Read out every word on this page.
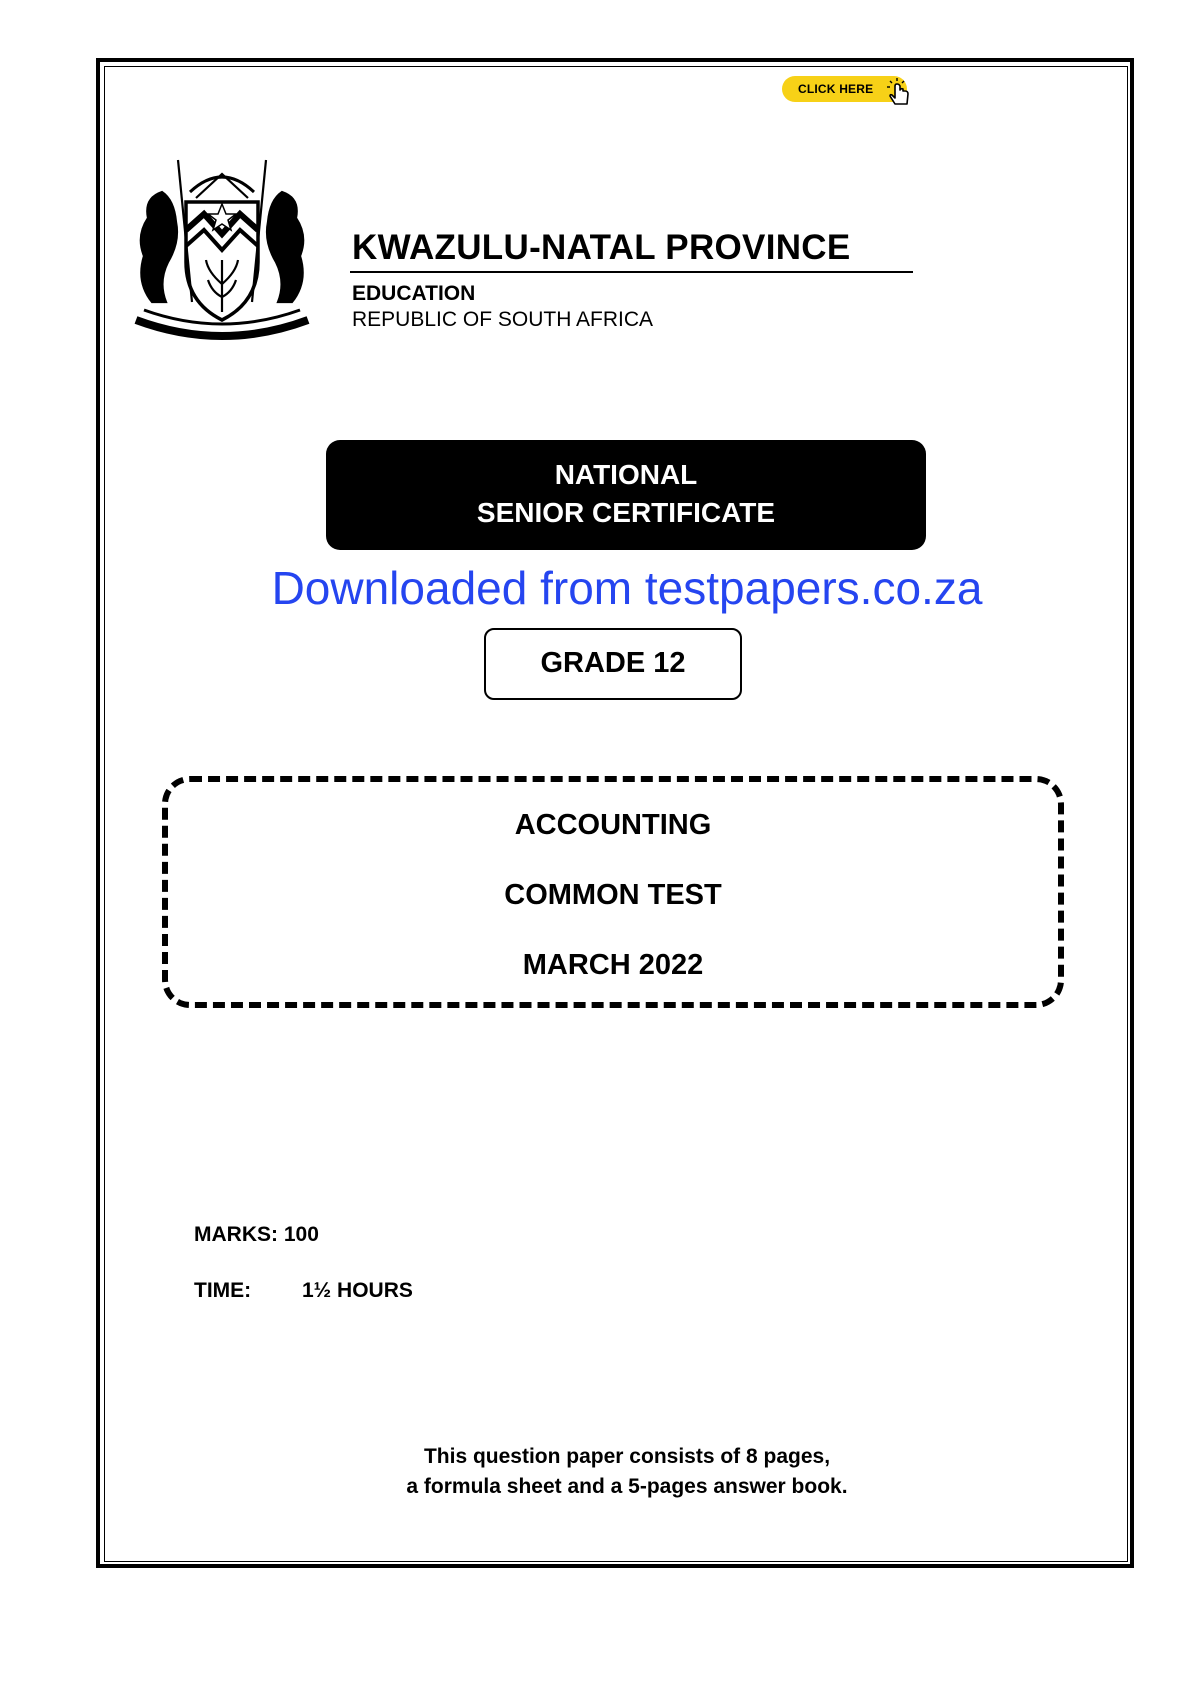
CLICK HERE
KWAZULU-NATAL PROVINCE
EDUCATION
REPUBLIC OF SOUTH AFRICA
NATIONAL
SENIOR CERTIFICATE
Downloaded from testpapers.co.za
GRADE 12
ACCOUNTING
COMMON TEST
MARCH 2022
MARKS: 100
TIME: 1½ HOURS
This question paper consists of 8 pages,
a formula sheet and a 5-pages answer book.
